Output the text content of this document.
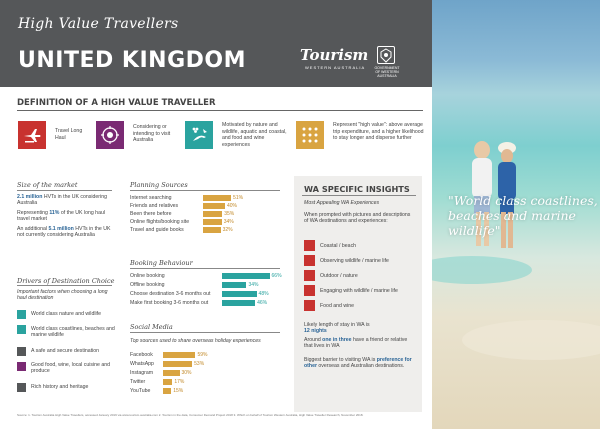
High Value Travellers
UNITED KINGDOM	Tourism
WESTERN AUSTRALIA	GOVERNMENT OF WESTERN AUSTRALIA
"World class coastlines, beaches and marine wildlife"
DEFINITION OF A HIGH VALUE TRAVELLER
Travel Long Haul
Considering or intending to visit Australia
Motivated by nature and wildlife, aquatic and coastal, and food and wine experiences
Represent "high value": above average trip expenditure, and a higher likelihood to stay longer and disperse further
Size of the market
2.1 million HVTs in the UK considering Australia
Representing 11% of the UK long haul travel market
An additional 5.1 million HVTs in the UK not currently considering Australia
Drivers of Destination Choice
Important factors when choosing a long haul destination
World class nature and wildlife
World class coastlines, beaches and marine wildlife
A safe and secure destination
Good food, wine, local cuisine and produce
Rich history and heritage
Planning Sources
Internet searching	51%
Friends and relatives	40%
Been there before	35%
Online flights/booking site	34%
Travel and guide books	32%
Booking Behaviour
Online booking	66%
Offline booking	34%
Choose destination 3-6 months out	48%
Make first booking 3-6 months out	46%
Social Media
Top sources used to share overseas holiday experiences
Facebook	59%
WhatsApp	53%
Instagram	30%
Twitter	17%
YouTube	15%
WA SPECIFIC INSIGHTS
Most Appealing WA Experiences
When prompted with pictures and descriptions of WA destinations and experiences:
Coastal / beach
Observing wildlife / marine life
Outdoor / nature
Engaging with wildlife / marine life
Food and wine
Likely length of stay in WA is
12 nights
Around one in three have a friend or relative that lives in WA
Biggest barrier to visiting WA is preference for other overseas and Australian destinations.
Source: 1. Tourism Australia High Value Travellers, accessed January 2019 via www.tourism.australia.com 2. Tourism in the data, Consumer Demand Project 2018 3. Which on behalf of Tourism Western Australia, High Value Traveller Research, November 2018.
